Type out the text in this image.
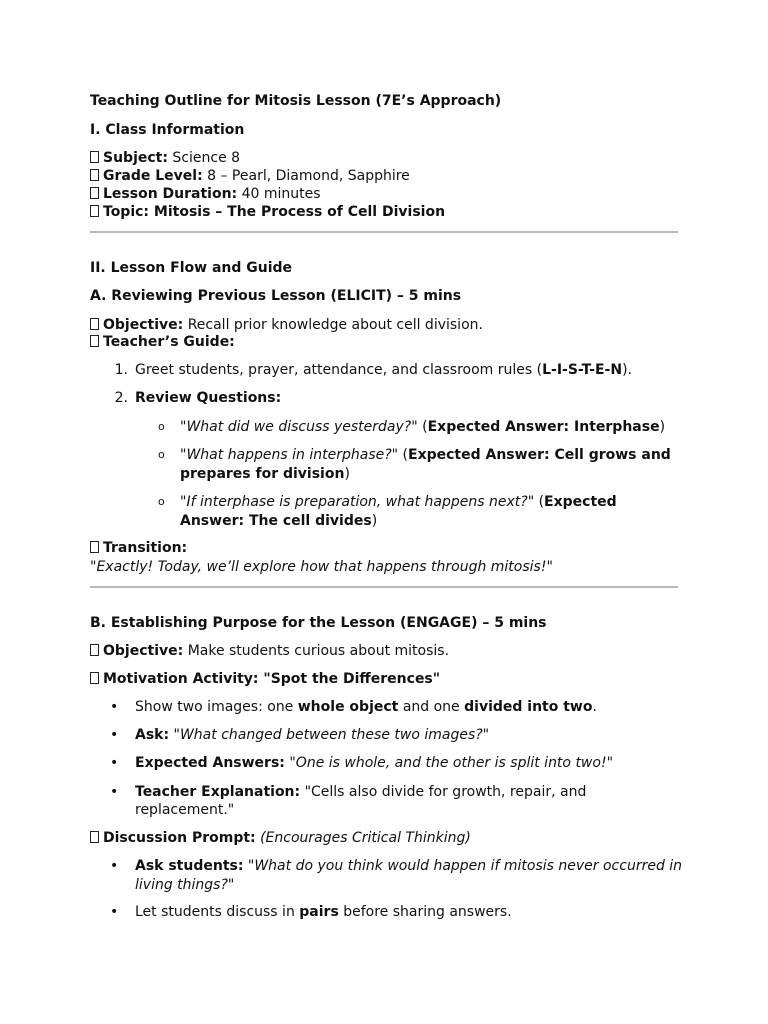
Teaching Outline for Mitosis Lesson (7E’s Approach)
I. Class Information
Subject: Science 8
Grade Level: 8 – Pearl, Diamond, Sapphire
Lesson Duration: 40 minutes
Topic: Mitosis – The Process of Cell Division
II. Lesson Flow and Guide
A. Reviewing Previous Lesson (ELICIT) – 5 mins
Objective: Recall prior knowledge about cell division.
Teacher’s Guide:
1. Greet students, prayer, attendance, and classroom rules (L-I-S-T-E-N).
2. Review Questions:
o "What did we discuss yesterday?" (Expected Answer: Interphase)
o "What happens in interphase?" (Expected Answer: Cell grows and
prepares for division)
o "If interphase is preparation, what happens next?" (Expected
Answer: The cell divides)
Transition:
"Exactly! Today, we’ll explore how that happens through mitosis!"
B. Establishing Purpose for the Lesson (ENGAGE) – 5 mins
Objective: Make students curious about mitosis.
Motivation Activity: "Spot the Differences"
• Show two images: one whole object and one divided into two.
• Ask: "What changed between these two images?"
• Expected Answers: "One is whole, and the other is split into two!"
• Teacher Explanation: "Cells also divide for growth, repair, and
replacement."
Discussion Prompt: (Encourages Critical Thinking)
• Ask students: "What do you think would happen if mitosis never occurred in
living things?"
• Let students discuss in pairs before sharing answers.
